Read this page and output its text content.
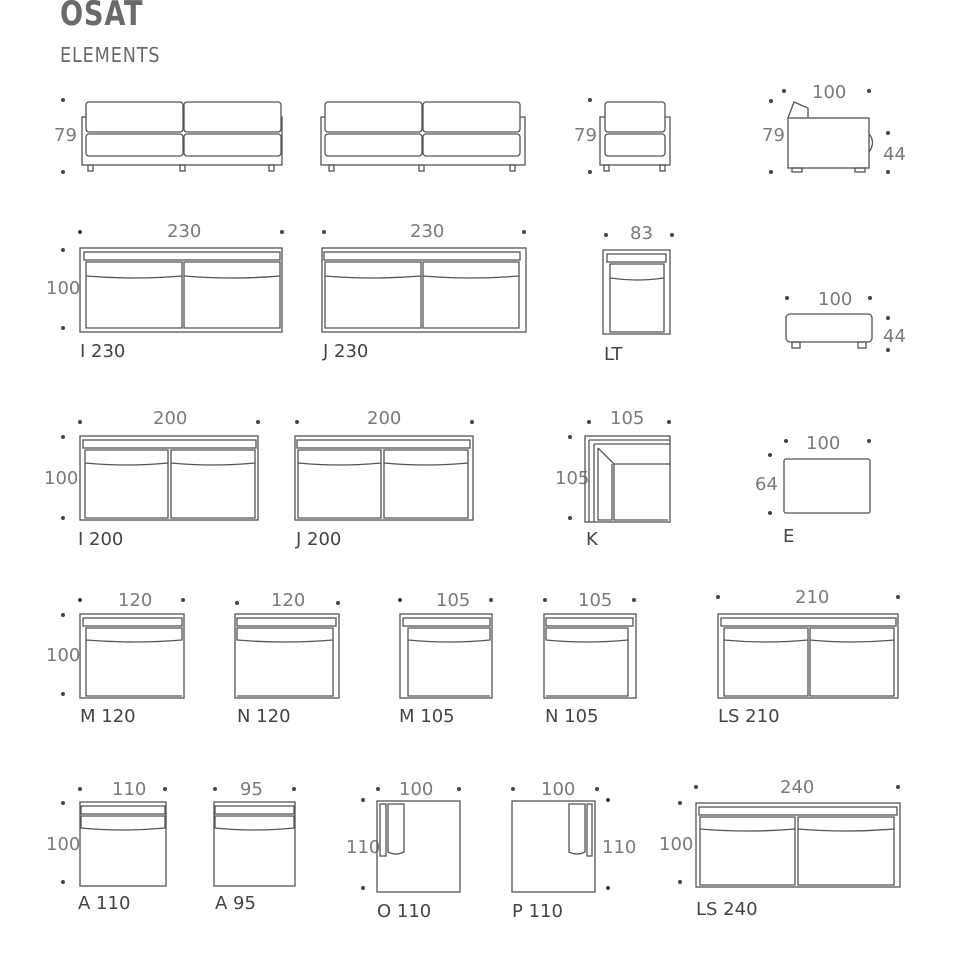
OSAT
ELEMENTS
79	79
100
79
44
230
100
I 230
230
J 230
83
LT
100
44
200
100
I 200
200
J 200
105
105
K
100
64
E
120
100
M 120
120
N 120
105
M 105
105
N 105
210
LS 210
110
100
A 110
95
A 95
100
110
O 110
100
110
P 110
240
100
LS 240
